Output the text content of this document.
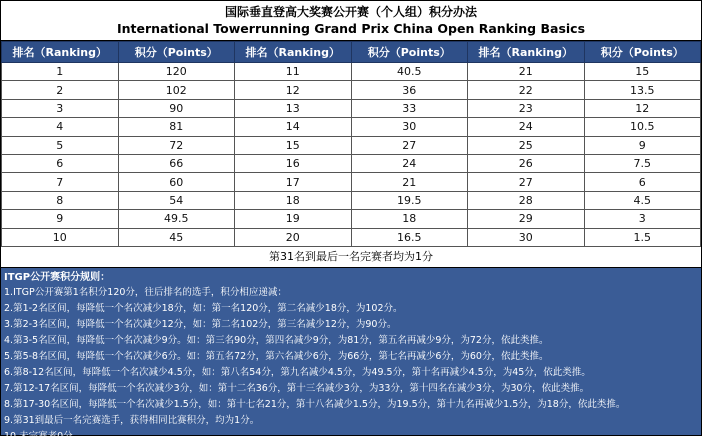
国际垂直登高大奖赛公开赛（个人组）积分办法
International Towerrunning Grand Prix China Open Ranking Basics
排名（Ranking）	积分（Points）	排名（Ranking）	积分（Points）	排名（Ranking）	积分（Points）
1	120	11	40.5	21	15
2	102	12	36	22	13.5
3	90	13	33	23	12
4	81	14	30	24	10.5
5	72	15	27	25	9
6	66	16	24	26	7.5
7	60	17	21	27	6
8	54	18	19.5	28	4.5
9	49.5	19	18	29	3
10	45	20	16.5	30	1.5
第31名到最后一名完赛者均为1分
ITGP公开赛积分规则：
1.ITGP公开赛第1名积分120分，往后排名的选手，积分相应递减：
2.第1-2名区间，每降低一个名次减少18分，如：第一名120分，第二名减少18分，为102分。
3.第2-3名区间，每降低一个名次减少12分，如：第二名102分，第三名减少12分，为90分。
4.第3-5名区间，每降低一个名次减少9分。如：第三名90分，第四名减少9分，为81分，第五名再减少9分，为72分，依此类推。
5.第5-8名区间，每降低一个名次减少6分。如：第五名72分，第六名减少6分，为66分，第七名再减少6分，为60分，依此类推。
6.第8-12名区间，每降低一个名次减少4.5分，如：第八名54分，第九名减少4.5分，为49.5分，第十名再减少4.5分，为45分，依此类推。
7.第12-17名区间，每降低一个名次减少3分，如：第十二名36分，第十三名减少3分，为33分，第十四名在减少3分，为30分，依此类推。
8.第17-30名区间，每降低一个名次减少1.5分，如：第十七名21分，第十八名减少1.5分，为19.5分，第十九名再减少1.5分，为18分，依此类推。
9.第31到最后一名完赛选手，获得相同比赛积分，均为1分。
10.未完赛者0分。
